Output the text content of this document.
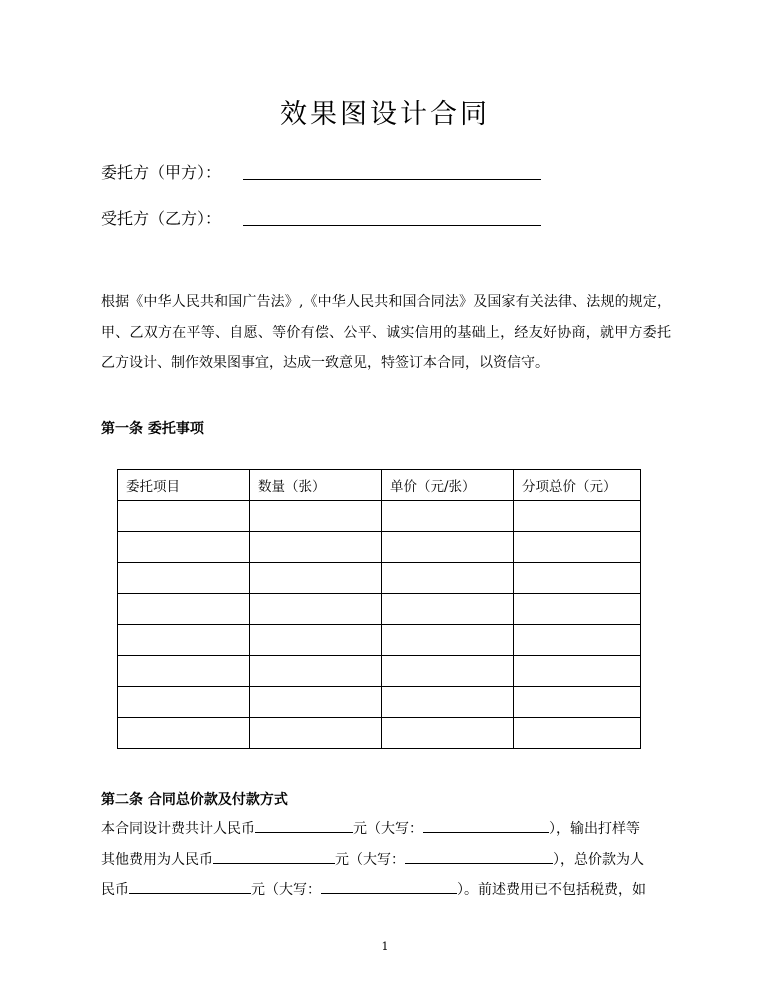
效果图设计合同
委托方（甲方）：
受托方（乙方）：

根据《中华人民共和国广告法》,《中华人民共和国合同法》及国家有关法律、法规的规定，甲、乙双方在平等、自愿、等价有偿、公平、诚实信用的基础上，经友好协商，就甲方委托乙方设计、制作效果图事宜，达成一致意见，特签订本合同，以资信守。

第一条 委托事项
委托项目	数量（张）	单价（元/张）	分项总价（元）

第二条 合同总价款及付款方式
本合同设计费共计人民币	元（大写：	），输出打样等
其他费用为人民币	元（大写：	），总价款为人
民币	元（大写：	）。前述费用已不包括税费，如
1
